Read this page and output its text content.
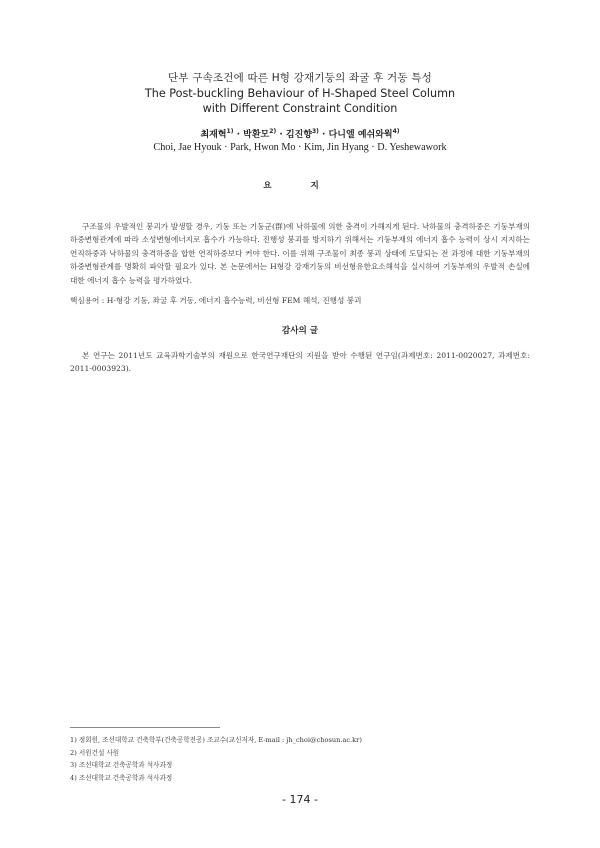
단부 구속조건에 따른 H형 강재기둥의 좌굴 후 거동 특성
The Post-buckling Behaviour of H-Shaped Steel Column
with Different Constraint Condition
최재혁$^{1)}$ · 박환모$^{2)}$ · 김진향$^{3)}$ · 다니엘 예쉬와웍$^{4)}$
Choi, Jae Hyouk · Park, Hwon Mo · Kim, Jin Hyang · D. Yeshewawork
요 지
구조물의 우발적인 붕괴가 발생할 경우, 기둥 또는 기둥군(群)에 낙하물에 의한 충격이 가해지게 된다. 낙하물의 충격하중은 기둥부재의 하중변형관계에 따라 소성변형에너지로 흡수가 가능하다. 진행성 붕괴를 방지하기 위해서는 기둥부재의 에너지 흡수 능력이 상시 지지하는 연직하중과 낙하물의 충격하중을 합한 연직하중보다 커야 한다. 이를 위해 구조물이 최종 붕괴 상태에 도달되는 전 과정에 대한 기둥부재의 하중변형관계를 명확히 파악할 필요가 있다. 본 논문에서는 H형강 강재기둥의 비선형유한요소해석을 실시하여 기둥부재의 우발적 손실에 대한 에너지 흡수 능력을 평가하였다.
핵심용어 : H-형강 기둥, 좌굴 후 거동, 에너지 흡수능력, 비선형 FEM 해석, 진행성 붕괴
감사의 글
본 연구는 2011년도 교육과학기술부의 재원으로 한국연구재단의 지원을 받아 수행된 연구임(과제번호: 2011-0020027, 과제번호: 2011-0003923).
1) 정회원, 조선대학교 건축학부(건축공학전공) 조교수(교신저자, E-mail : jh_choi@chosun.ac.kr)
2) 서원건설 사원
3) 조선대학교 건축공학과 석사과정
4) 조선대학교 건축공학과 석사과정
- 174 -
